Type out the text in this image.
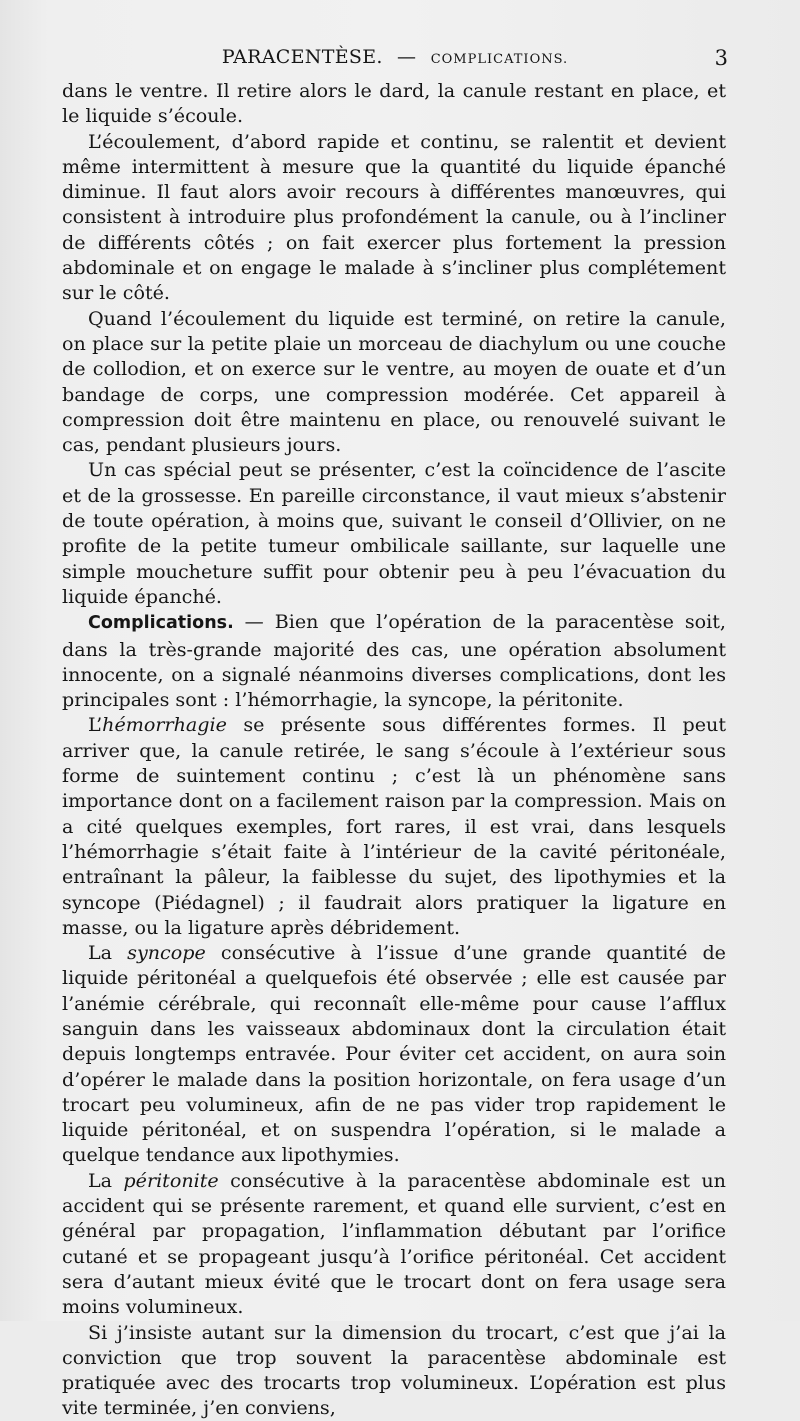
PARACENTÈSE. — COMPLICATIONS.	3

dans le ventre. Il retire alors le dard, la canule restant en place, et le liquide s’écoule.

L’écoulement, d’abord rapide et continu, se ralentit et devient même intermittent à mesure que la quantité du liquide épanché diminue. Il faut alors avoir recours à différentes manœuvres, qui consistent à introduire plus profondément la canule, ou à l’incliner de différents côtés ; on fait exercer plus fortement la pression abdominale et on engage le malade à s’incliner plus complétement sur le côté.

Quand l’écoulement du liquide est terminé, on retire la canule, on place sur la petite plaie un morceau de diachylum ou une couche de collodion, et on exerce sur le ventre, au moyen de ouate et d’un bandage de corps, une compression modérée. Cet appareil à compression doit être maintenu en place, ou renouvelé suivant le cas, pendant plusieurs jours.

Un cas spécial peut se présenter, c’est la coïncidence de l’ascite et de la grossesse. En pareille circonstance, il vaut mieux s’abstenir de toute opération, à moins que, suivant le conseil d’Ollivier, on ne profite de la petite tumeur ombilicale saillante, sur laquelle une simple moucheture suffit pour obtenir peu à peu l’évacuation du liquide épanché.

Complications. — Bien que l’opération de la paracentèse soit, dans la très-grande majorité des cas, une opération absolument innocente, on a signalé néanmoins diverses complications, dont les principales sont : l’hémorrhagie, la syncope, la péritonite.

L’hémorrhagie se présente sous différentes formes. Il peut arriver que, la canule retirée, le sang s’écoule à l’extérieur sous forme de suintement continu ; c’est là un phénomène sans importance dont on a facilement raison par la compression. Mais on a cité quelques exemples, fort rares, il est vrai, dans lesquels l’hémorrhagie s’était faite à l’intérieur de la cavité péritonéale, entraînant la pâleur, la faiblesse du sujet, des lipothymies et la syncope (Piédagnel) ; il faudrait alors pratiquer la ligature en masse, ou la ligature après débridement.

La syncope consécutive à l’issue d’une grande quantité de liquide péritonéal a quelquefois été observée ; elle est causée par l’anémie cérébrale, qui reconnaît elle-même pour cause l’afflux sanguin dans les vaisseaux abdominaux dont la circulation était depuis longtemps entravée. Pour éviter cet accident, on aura soin d’opérer le malade dans la position horizontale, on fera usage d’un trocart peu volumineux, afin de ne pas vider trop rapidement le liquide péritonéal, et on suspendra l’opération, si le malade a quelque tendance aux lipothymies.

La péritonite consécutive à la paracentèse abdominale est un accident qui se présente rarement, et quand elle survient, c’est en général par propagation, l’inflammation débutant par l’orifice cutané et se propageant jusqu’à l’orifice péritonéal. Cet accident sera d’autant mieux évité que le trocart dont on fera usage sera moins volumineux.

Si j’insiste autant sur la dimension du trocart, c’est que j’ai la conviction que trop souvent la paracentèse abdominale est pratiquée avec des trocarts trop volumineux. L’opération est plus vite terminée, j’en conviens,
